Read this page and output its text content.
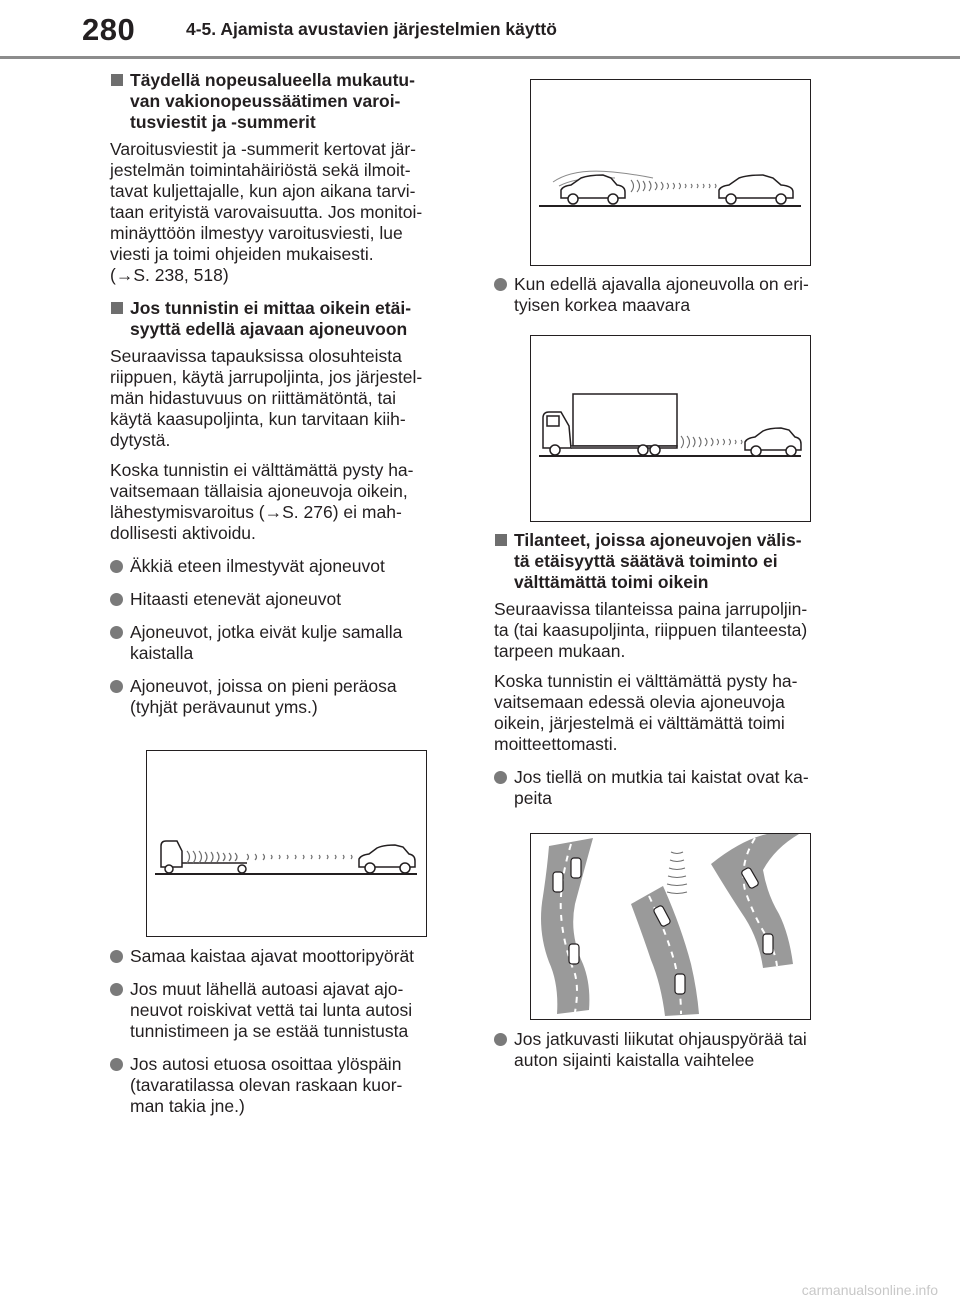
280	4-5. Ajamista avustavien järjestelmien käyttö
Täydellä nopeusalueella mukautu-
van vakionopeussäätimen varoi-
tusviestit ja -summerit

Varoitusviestit ja -summerit kertovat jär-
jestelmän toimintahäiriöstä sekä ilmoit-
tavat kuljettajalle, kun ajon aikana tarvi-
taan erityistä varovaisuutta. Jos monitoi-
minäyttöön ilmestyy varoitusviesti, lue
viesti ja toimi ohjeiden mukaisesti.
(→S. 238, 518)

Jos tunnistin ei mittaa oikein etäi-
syyttä edellä ajavaan ajoneuvoon

Seuraavissa tapauksissa olosuhteista
riippuen, käytä jarrupoljinta, jos järjestel-
män hidastuvuus on riittämätöntä, tai
käytä kaasupoljinta, kun tarvitaan kiih-
dytystä.

Koska tunnistin ei välttämättä pysty ha-
vaitsemaan tällaisia ajoneuvoja oikein,
lähestymisvaroitus (→S. 276) ei mah-
dollisesti aktivoidu.

Äkkiä eteen ilmestyvät ajoneuvot
Hitaasti etenevät ajoneuvot
Ajoneuvot, jotka eivät kulje samalla
kaistalla
Ajoneuvot, joissa on pieni peräosa
(tyhjät perävaunut yms.)
Samaa kaistaa ajavat moottoripyörät
Jos muut lähellä autoasi ajavat ajo-
neuvot roiskivat vettä tai lunta autosi
tunnistimeen ja se estää tunnistusta
Jos autosi etuosa osoittaa ylöspäin
(tavaratilassa olevan raskaan kuor-
man takia jne.)
Kun edellä ajavalla ajoneuvolla on eri-
tyisen korkea maavara
Tilanteet, joissa ajoneuvojen välis-
tä etäisyyttä säätävä toiminto ei
välttämättä toimi oikein

Seuraavissa tilanteissa paina jarrupoljin-
ta (tai kaasupoljinta, riippuen tilanteesta)
tarpeen mukaan.

Koska tunnistin ei välttämättä pysty ha-
vaitsemaan edessä olevia ajoneuvoja
oikein, järjestelmä ei välttämättä toimi
moitteettomasti.

Jos tiellä on mutkia tai kaistat ovat ka-
peita
Jos jatkuvasti liikutat ohjauspyörää tai
auton sijainti kaistalla vaihtelee
carmanualsonline.info
